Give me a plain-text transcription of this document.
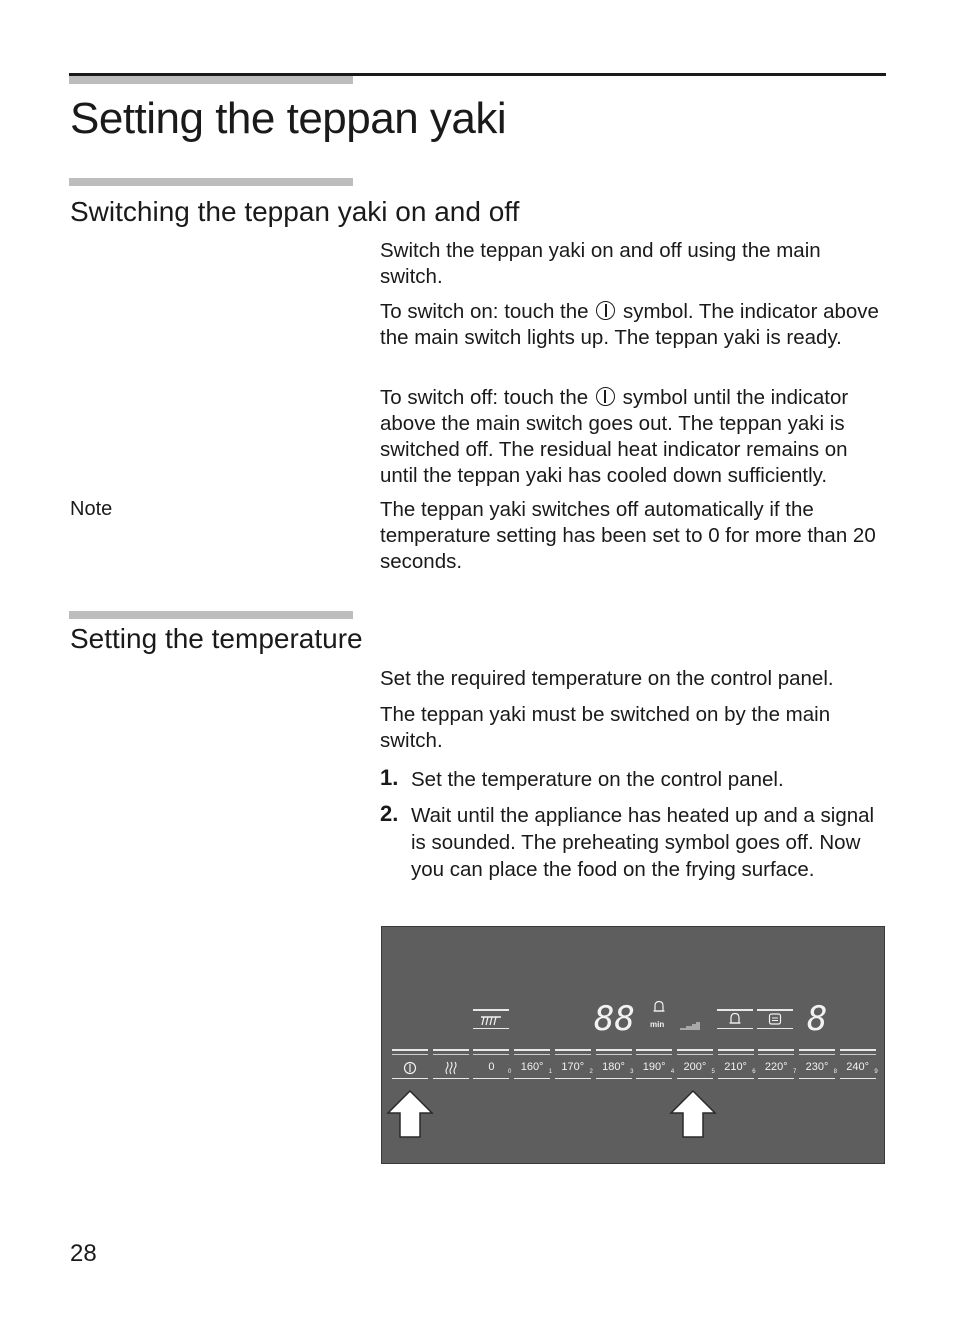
Setting the teppan yaki
Switching the teppan yaki on and off

Switch the teppan yaki on and off using the main switch.

To switch on: touch the symbol. The indicator above the main switch lights up. The teppan yaki is ready.

To switch off: touch the symbol until the indicator above the main switch goes out. The teppan yaki is switched off. The residual heat indicator remains on until the teppan yaki has cooled down sufficiently.

Note	The teppan yaki switches off automatically if the temperature setting has been set to 0 for more than 20 seconds.

Setting the temperature

Set the required temperature on the control panel.

The teppan yaki must be switched on by the main switch.

1. Set the temperature on the control panel.
2. Wait until the appliance has heated up and a signal is sounded. The preheating symbol goes off. Now you can place the food on the frying surface.
88 min	8
0	0 160° 1 170° 2 180° 3 190° 4 200° 5 210° 6 220° 7 230° 8 240° 9
28
